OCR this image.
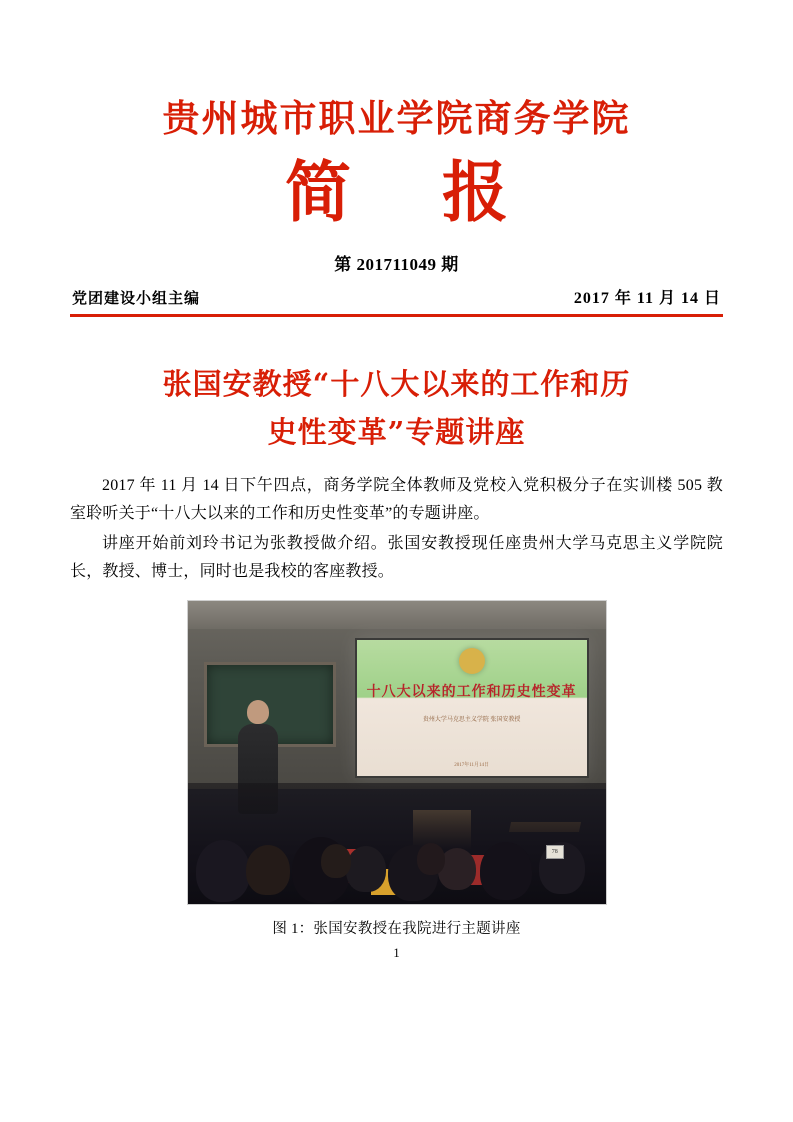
贵州城市职业学院商务学院
简 报
第 201711049 期
党团建设小组主编	2017 年 11 月 14 日
张国安教授“十八大以来的工作和历
史性变革”专题讲座

2017 年 11 月 14 日下午四点，商务学院全体教师及党校入党积极分子在实训楼 505 教室聆听关于“十八大以来的工作和历史性变革”的专题讲座。

讲座开始前刘玲书记为张教授做介绍。张国安教授现任座贵州大学马克思主义学院院长，教授、博士，同时也是我校的客座教授。

十八大以来的工作和历史性变革
贵州大学马克思主义学院 张国安教授
2017年11月14日
78
图 1：张国安教授在我院进行主题讲座
1
